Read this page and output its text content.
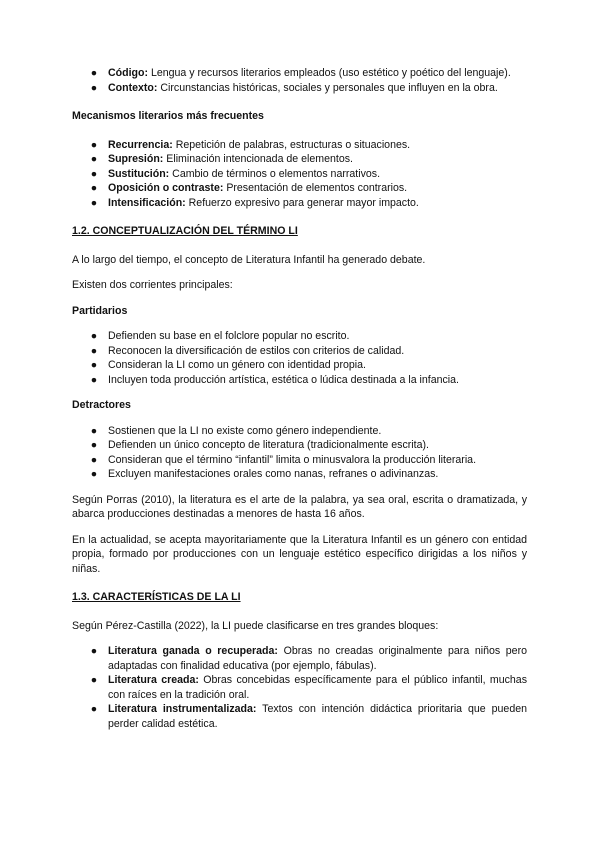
● Código: Lengua y recursos literarios empleados (uso estético y poético del lenguaje).
● Contexto: Circunstancias históricas, sociales y personales que influyen en la obra.

Mecanismos literarios más frecuentes

● Recurrencia: Repetición de palabras, estructuras o situaciones.
● Supresión: Eliminación intencionada de elementos.
● Sustitución: Cambio de términos o elementos narrativos.
● Oposición o contraste: Presentación de elementos contrarios.
● Intensificación: Refuerzo expresivo para generar mayor impacto.

1.2. CONCEPTUALIZACIÓN DEL TÉRMINO LI

A lo largo del tiempo, el concepto de Literatura Infantil ha generado debate.

Existen dos corrientes principales:

Partidarios

● Defienden su base en el folclore popular no escrito.
● Reconocen la diversificación de estilos con criterios de calidad.
● Consideran la LI como un género con identidad propia.
● Incluyen toda producción artística, estética o lúdica destinada a la infancia.

Detractores

● Sostienen que la LI no existe como género independiente.
● Defienden un único concepto de literatura (tradicionalmente escrita).
● Consideran que el término “infantil” limita o minusvalora la producción literaria.
● Excluyen manifestaciones orales como nanas, refranes o adivinanzas.

Según Porras (2010), la literatura es el arte de la palabra, ya sea oral, escrita o dramatizada, y abarca producciones destinadas a menores de hasta 16 años.

En la actualidad, se acepta mayoritariamente que la Literatura Infantil es un género con entidad propia, formado por producciones con un lenguaje estético específico dirigidas a los niños y niñas.

1.3. CARACTERÍSTICAS DE LA LI

Según Pérez-Castilla (2022), la LI puede clasificarse en tres grandes bloques:

● Literatura ganada o recuperada: Obras no creadas originalmente para niños pero adaptadas con finalidad educativa (por ejemplo, fábulas).
● Literatura creada: Obras concebidas específicamente para el público infantil, muchas con raíces en la tradición oral.
● Literatura instrumentalizada: Textos con intención didáctica prioritaria que pueden perder calidad estética.
